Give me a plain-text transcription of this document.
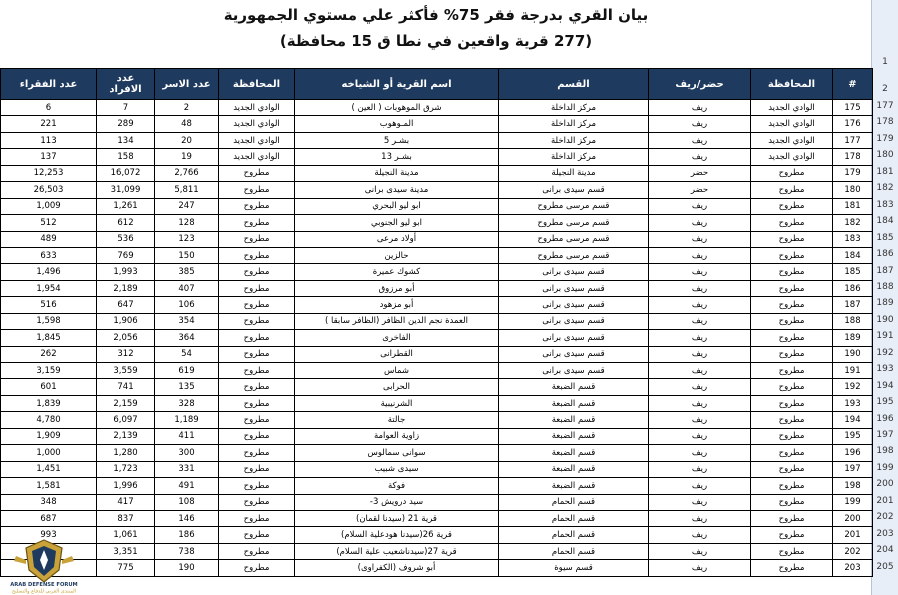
1
2
بيان القري بدرجة فقر 75% فأكثر علي مستوي الجمهورية
(277 قرية واقعين في نطا ق 15 محافظة)
#	المحافظة	حضر/ريف	القسم	اسم القرية أو الشياخه	المحافظة	عدد الاسر	عدد الافراد	عدد الفقراء
175	الوادي الجديد	ريف	مركز الداخلة	شرق الموهوبات ( العين )	الوادي الجديد	2	7	6
176	الوادي الجديد	ريف	مركز الداخلة	المـوهوب	الوادي الجديد	48	289	221
177	الوادي الجديد	ريف	مركز الداخلة	بشـر 5	الوادي الجديد	20	134	113
178	الوادي الجديد	ريف	مركز الداخلة	بشـر 13	الوادي الجديد	19	158	137
179	مطروح	حضر	مدينة النجيلة	مدينة النجيلة	مطروح	2,766	16,072	12,253
180	مطروح	حضر	قسم سيدى برانى	مدينة سيدى برانى	مطروح	5,811	31,099	26,503
181	مطروح	ريف	قسم مرسى مطروح	ابو ليو البحري	مطروح	247	1,261	1,009
182	مطروح	ريف	قسم مرسى مطروح	ابو ليو الجنوبي	مطروح	128	612	512
183	مطروح	ريف	قسم مرسى مطروح	أولاد مرعى	مطروح	123	536	489
184	مطروح	ريف	قسم مرسى مطروح	حالزين	مطروح	150	769	633
185	مطروح	ريف	قسم سيدى برانى	كشوك عميرة	مطروح	385	1,993	1,496
186	مطروح	ريف	قسم سيدى برانى	أبو مرزوق	مطروح	407	2,189	1,954
187	مطروح	ريف	قسم سيدى برانى	أبو مزهود	مطروح	106	647	516
188	مطروح	ريف	قسم سيدى برانى	العمدة نجم الدين الظافر (الظافر سابقا )	مطروح	354	1,906	1,598
189	مطروح	ريف	قسم سيدى برانى	الفاخرى	مطروح	364	2,056	1,845
190	مطروح	ريف	قسم سيدى برانى	القطرانى	مطروح	54	312	262
191	مطروح	ريف	قسم سيدى برانى	شماس	مطروح	619	3,559	3,159
192	مطروح	ريف	قسم الضبعة	الحرابى	مطروح	135	741	601
193	مطروح	ريف	قسم الضبعة	الشرنيبية	مطروح	328	2,159	1,839
194	مطروح	ريف	قسم الضبعة	جالتة	مطروح	1,189	6,097	4,780
195	مطروح	ريف	قسم الضبعة	زاوية العوامة	مطروح	411	2,139	1,909
196	مطروح	ريف	قسم الضبعة	سوانى سمالوس	مطروح	300	1,280	1,000
197	مطروح	ريف	قسم الضبعة	سيدى شبيب	مطروح	331	1,723	1,451
198	مطروح	ريف	قسم الضبعة	فوكة	مطروح	491	1,996	1,581
199	مطروح	ريف	قسم الحمام	سيد درويش 3-	مطروح	108	417	348
200	مطروح	ريف	قسم الحمام	قرية 21 (سيدنا لقمان)	مطروح	146	837	687
201	مطروح	ريف	قسم الحمام	قرية 26(سيدنا هودعلية السلام)	مطروح	186	1,061	993
202	مطروح	ريف	قسم الحمام	قرية 27(سيدناشعيب علية السلام)	مطروح	738	3,351	
203	مطروح	ريف	قسم سيوة	أبو شروف (الكفراوى)	مطروح	190	775	
ARAB DEFENSE FORUM
المنتدى العربي للدفاع والتسليح
177
178
179
180
181
182
183
184
185
186
187
188
189
190
191
192
193
194
195
196
197
198
199
200
201
202
203
204
205
